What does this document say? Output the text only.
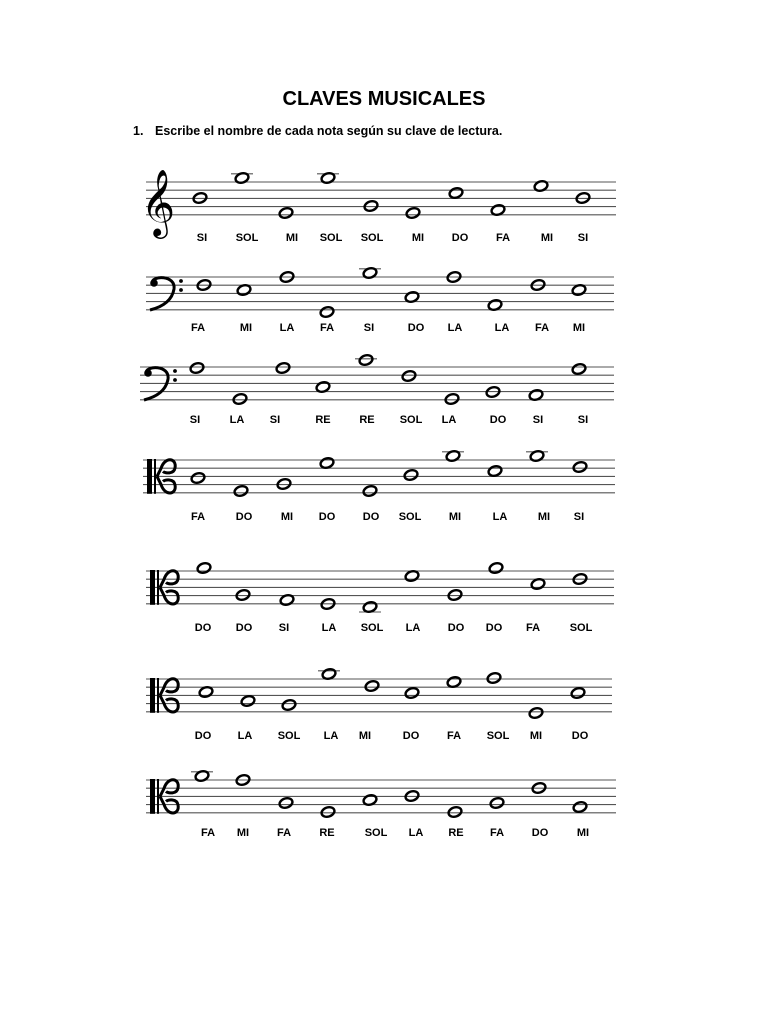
CLAVES MUSICALES
1. Escribe el nombre de cada nota según su clave de lectura.
𝄞
SI	SOL	MI SOL SOL	MI	DO	FA	MI SI
FA	MI	LA FA	SI	DO LA	LA FA MI
SI	LA SI	RE	RE SOL LA	DO SI	SI
FA	DO	MI DO	DO SOL	MI	LA	MI SI
DO DO SI	LA SOL LA DO DO FA	SOL
DO LA SOL LA MI	DO	FA SOL MI	DO
FA MI	FA	RE	SOL LA RE FA	DO	MI
